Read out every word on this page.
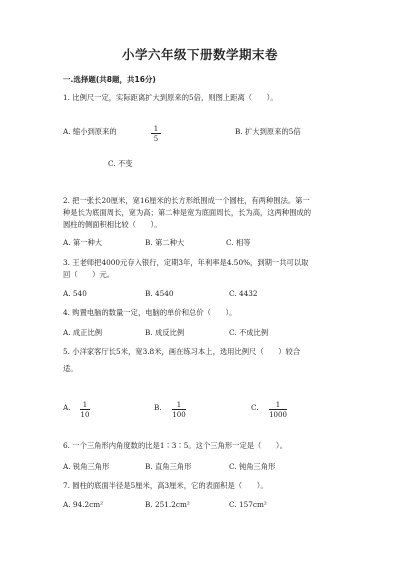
小学六年级下册数学期末卷
一.选择题(共8题，共16分)
1. 比例尺一定，实际距离扩大到原来的5倍，则图上距离（　　）。
A. 缩小到原来的	$\frac{1}{5}$	B. 扩大到原来的5倍
C. 不变
2. 把一张长20厘米，宽16厘米的长方形纸围成一个圆柱，有两种围法。第一
种是长为底面周长，宽为高；第二种是宽为底面周长，长为高，这两种围成的
圆柱的侧面积相比较（　　）。
A. 第一种大	B. 第二种大	C. 相等
3. 王老师把4000元存入银行，定期3年，年利率是4.50%，到期一共可以取
回（　　）元。
A. 540	B. 4540	C. 4432
4. 购置电脑的数量一定，电脑的单价和总价（　　）。
A. 成正比例	B. 成反比例	C. 不成比例
5. 小洋家客厅长5米，宽3.8米，画在练习本上，选用比例尺（　　）较合
适。
A. $\frac{1}{10}$	B. $\frac{1}{100}$	C. $\frac{1}{1000}$
6. 一个三角形内角度数的比是1∶3∶5。这个三角形一定是（　　）。
A. 锐角三角形	B. 直角三角形	C. 钝角三角形
7. 圆柱的底面半径是5厘米，高3厘米，它的表面积是（　　）。
A. 94.2cm²	B. 251.2cm²	C. 157cm²
